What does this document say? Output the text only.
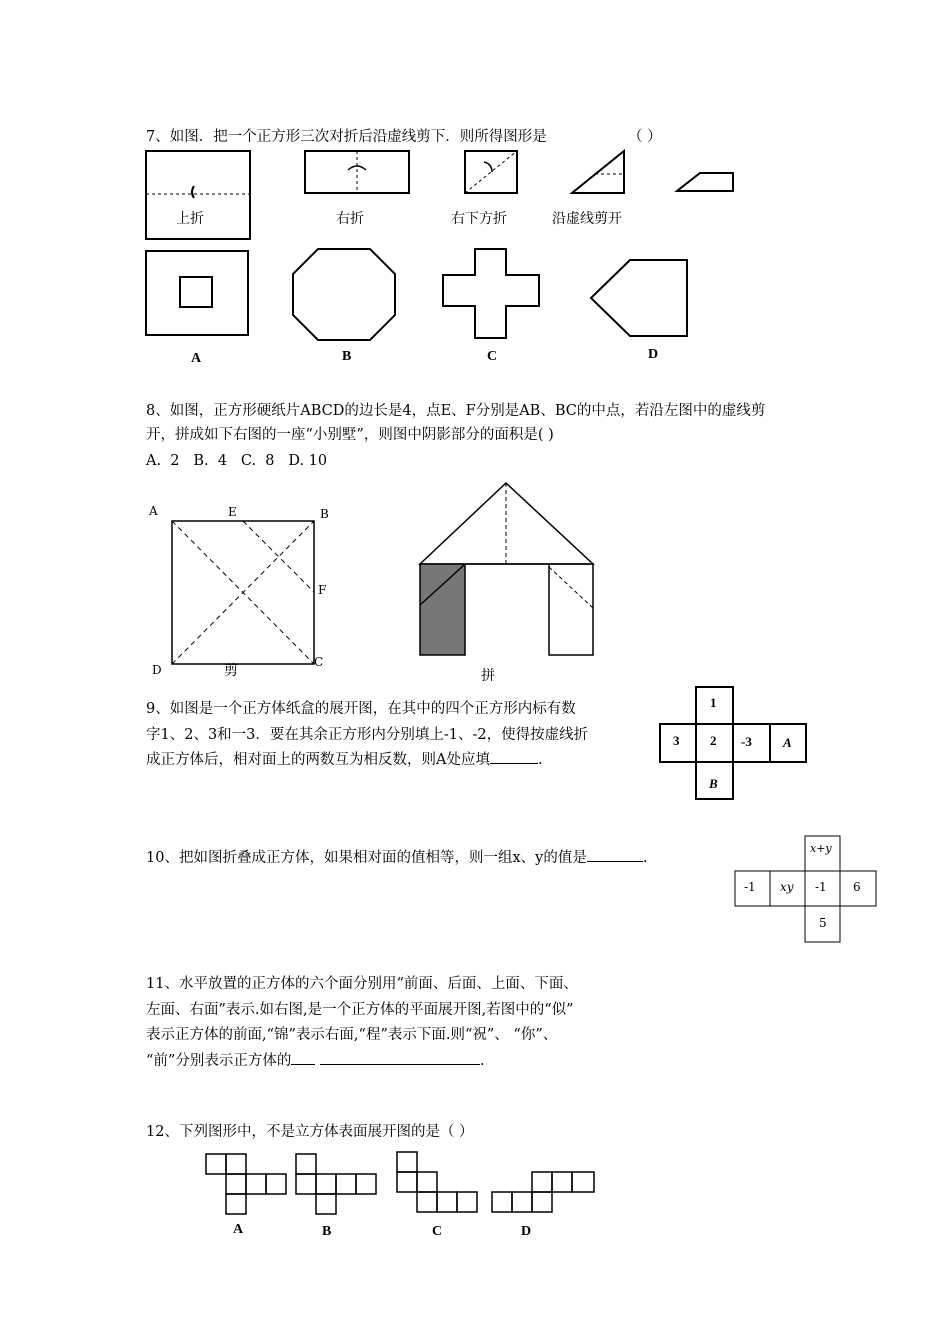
7、如图．把一个正方形三次对折后沿虚线剪下．则所得图形是	（ ）
上折	右折	右下方折	沿虚线剪开
A	B	C	D
8、如图，正方形硬纸片ABCD的边长是4，点E、F分别是AB、BC的中点，若沿左图中的虚线剪
开，拼成如下右图的一座“小别墅”，则图中阴影部分的面积是( )
A.  2   B.  4   C.  8   D. 10
A	E	B
F
D
C
剪	拼
9、如图是一个正方体纸盒的展开图，在其中的四个正方形内标有数
字1、2、3和一3．要在其余正方形内分别填上-1、-2，使得按虚线折
成正方体后，相对面上的两数互为相反数，则A处应填	.
1
3 2 -3 A
B
10、把如图折叠成正方体，如果相对面的值相等，则一组x、y的值是	.
x+y
-1 xy -1 6
5
11、水平放置的正方体的六个面分别用“前面、后面、上面、下面、
左面、右面”表示.如右图,是一个正方体的平面展开图,若图中的“似”
表示正方体的前面,“锦”表示右面,“程”表示下面.则“祝”、 “你”、
“前”分别表示正方体的	.
12、下列图形中，不是立方体表面展开图的是（ ）
A	B	C	D
